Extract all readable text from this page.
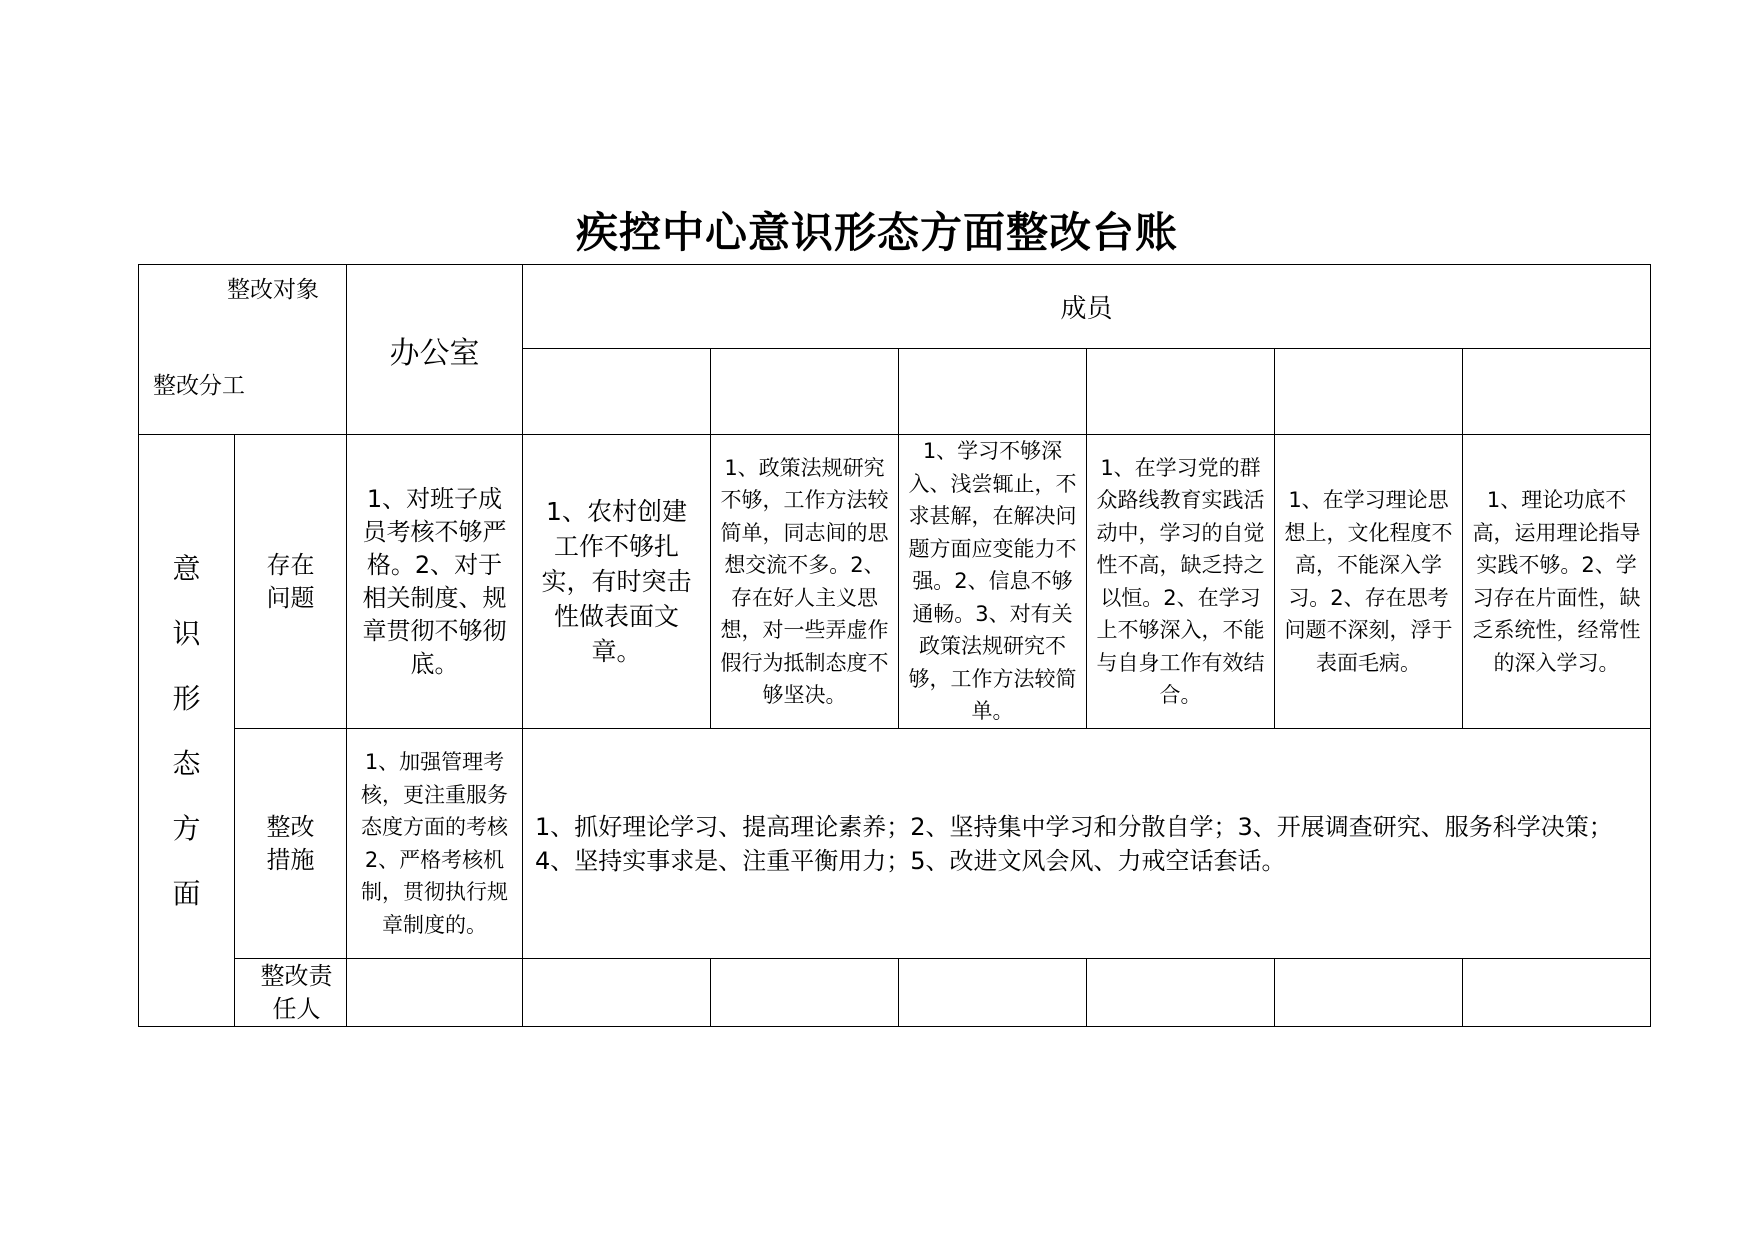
疾控中心意识形态方面整改台账
整改对象
整改分工		办公室	成员					

意识形态方面	存在问题	1、对班子成员考核不够严格。2、对于相关制度、规章贯彻不够彻底。	1、农村创建工作不够扎实，有时突击性做表面文章。	1、政策法规研究不够，工作方法较简单，同志间的思想交流不多。2、存在好人主义思想，对一些弄虚作假行为抵制态度不够坚决。	1、学习不够深入、浅尝辄止，不求甚解，在解决问题方面应变能力不强。2、信息不够通畅。3、对有关政策法规研究不够，工作方法较简单。	1、在学习党的群众路线教育实践活动中，学习的自觉性不高，缺乏持之以恒。2、在学习上不够深入，不能与自身工作有效结合。	1、在学习理论思想上，文化程度不高，不能深入学习。2、存在思考问题不深刻，浮于表面毛病。	1、理论功底不高，运用理论指导实践不够。2、学习存在片面性，缺乏系统性，经常性的深入学习。

	整改措施	1、加强管理考核，更注重服务态度方面的考核 2、严格考核机制，贯彻执行规章制度的。	1、抓好理论学习、提高理论素养；2、坚持集中学习和分散自学；3、开展调查研究、服务科学决策；4、坚持实事求是、注重平衡用力；5、改进文风会风、力戒空话套话。					

	整改责任人							
